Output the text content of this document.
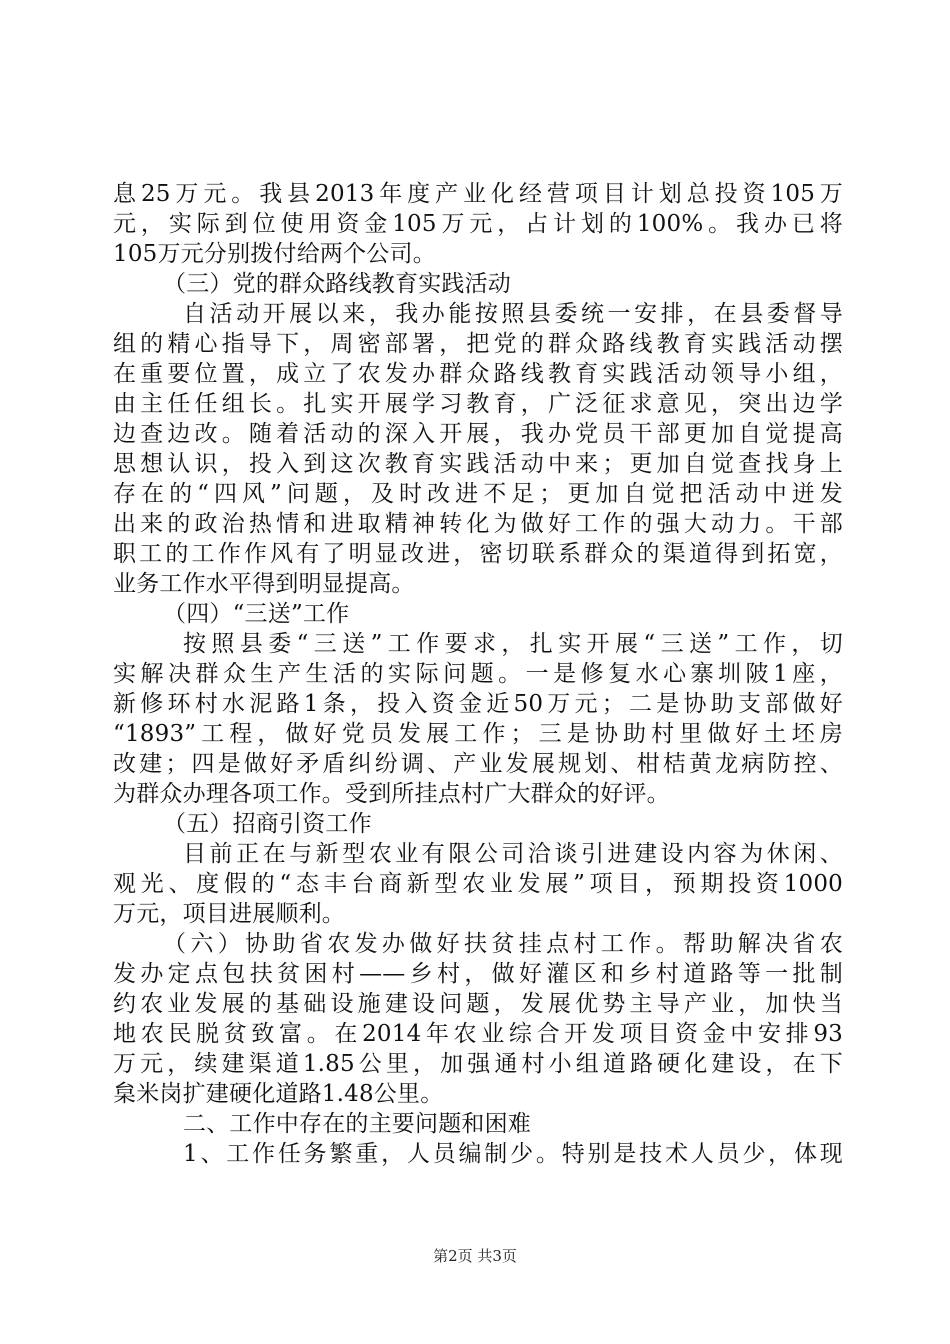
息25万元。我县2013年度产业化经营项目计划总投资105万
元，实际到位使用资金105万元，占计划的100%。我办已将
105万元分别拨付给两个公司。
（三）党的群众路线教育实践活动
自活动开展以来，我办能按照县委统一安排，在县委督导
组的精心指导下，周密部署，把党的群众路线教育实践活动摆
在重要位置，成立了农发办群众路线教育实践活动领导小组，
由主任任组长。扎实开展学习教育，广泛征求意见，突出边学
边查边改。随着活动的深入开展，我办党员干部更加自觉提高
思想认识，投入到这次教育实践活动中来；更加自觉查找身上
存在的“四风”问题，及时改进不足；更加自觉把活动中迸发
出来的政治热情和进取精神转化为做好工作的强大动力。干部
职工的工作作风有了明显改进，密切联系群众的渠道得到拓宽，
业务工作水平得到明显提高。
（四）“三送”工作
按照县委“三送”工作要求，扎实开展“三送”工作，切
实解决群众生产生活的实际问题。一是修复水心寨圳陂1座，
新修环村水泥路1条，投入资金近50万元；二是协助支部做好
“1893”工程，做好党员发展工作；三是协助村里做好土坯房
改建；四是做好矛盾纠纷调、产业发展规划、柑桔黄龙病防控、
为群众办理各项工作。受到所挂点村广大群众的好评。
（五）招商引资工作
目前正在与新型农业有限公司洽谈引进建设内容为休闲、
观光、度假的“态丰台商新型农业发展”项目，预期投资1000
万元，项目进展顺利。
（六）协助省农发办做好扶贫挂点村工作。帮助解决省农
发办定点包扶贫困村——乡村，做好灌区和乡村道路等一批制
约农业发展的基础设施建设问题，发展优势主导产业，加快当
地农民脱贫致富。在2014年农业综合开发项目资金中安排93
万元，续建渠道1.85公里，加强通村小组道路硬化建设，在下
枲米岗扩建硬化道路1.48公里。
二、工作中存在的主要问题和困难
1、工作任务繁重，人员编制少。特别是技术人员少，体现
第2页 共3页
